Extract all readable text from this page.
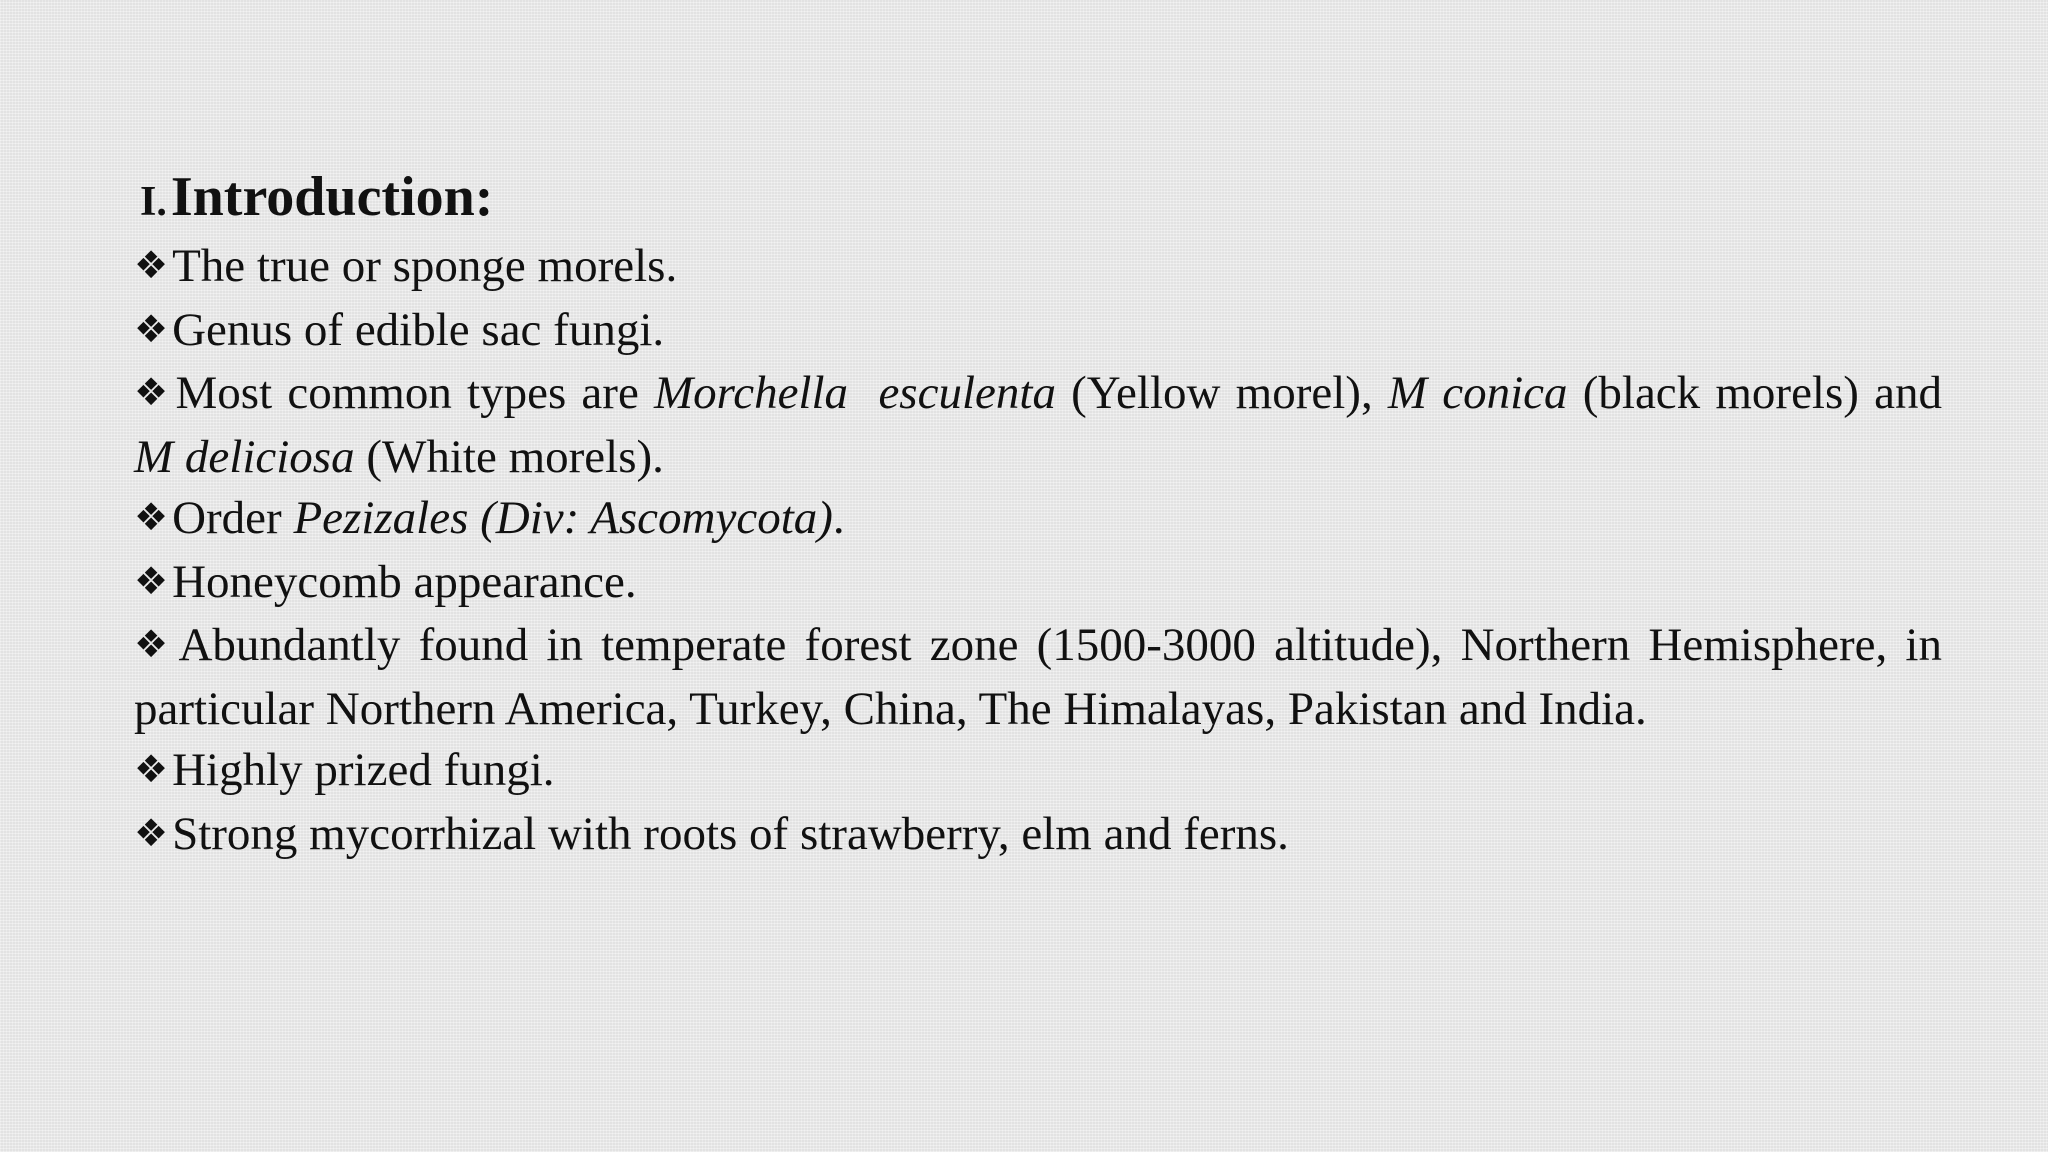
I. Introduction:
❖The true or sponge morels.
❖Genus of edible sac fungi.
❖Most common types are Morchella  esculenta (Yellow morel), M conica (black morels) and M deliciosa (White morels).
❖Order Pezizales (Div: Ascomycota).
❖Honeycomb appearance.
❖Abundantly found in temperate forest zone (1500-3000 altitude), Northern Hemisphere, in particular Northern America, Turkey, China, The Himalayas, Pakistan and India.
❖Highly prized fungi.
❖Strong mycorrhizal with roots of strawberry, elm and ferns.
